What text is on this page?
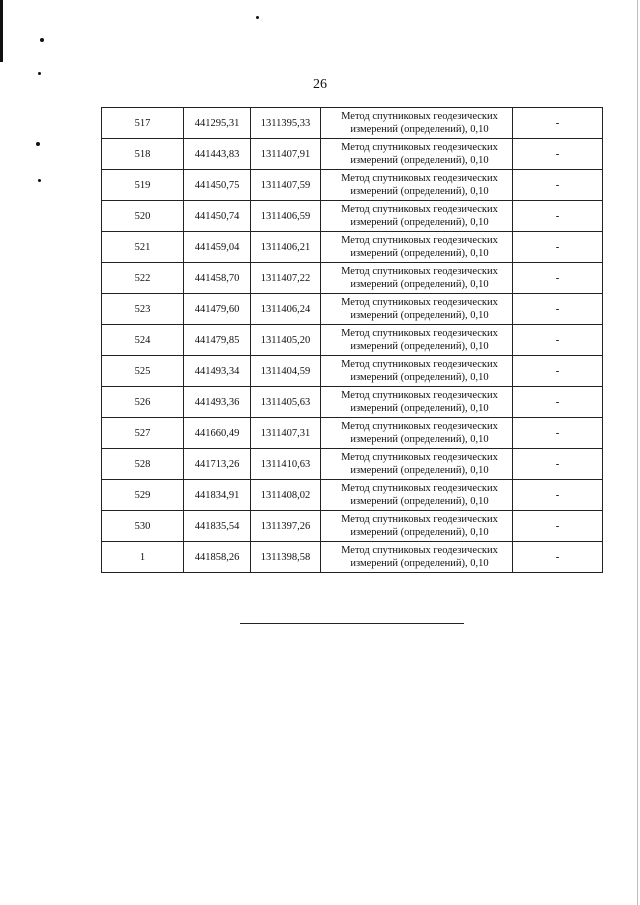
26
517	441295,31	1311395,33	Метод спутниковых геодезических
измерений (определений), 0,10	-
518	441443,83	1311407,91	Метод спутниковых геодезических
измерений (определений), 0,10	-
519	441450,75	1311407,59	Метод спутниковых геодезических
измерений (определений), 0,10	-
520	441450,74	1311406,59	Метод спутниковых геодезических
измерений (определений), 0,10	-
521	441459,04	1311406,21	Метод спутниковых геодезических
измерений (определений), 0,10	-
522	441458,70	1311407,22	Метод спутниковых геодезических
измерений (определений), 0,10	-
523	441479,60	1311406,24	Метод спутниковых геодезических
измерений (определений), 0,10	-
524	441479,85	1311405,20	Метод спутниковых геодезических
измерений (определений), 0,10	-
525	441493,34	1311404,59	Метод спутниковых геодезических
измерений (определений), 0,10	-
526	441493,36	1311405,63	Метод спутниковых геодезических
измерений (определений), 0,10	-
527	441660,49	1311407,31	Метод спутниковых геодезических
измерений (определений), 0,10	-
528	441713,26	1311410,63	Метод спутниковых геодезических
измерений (определений), 0,10	-
529	441834,91	1311408,02	Метод спутниковых геодезических
измерений (определений), 0,10	-
530	441835,54	1311397,26	Метод спутниковых геодезических
измерений (определений), 0,10	-
1	441858,26	1311398,58	Метод спутниковых геодезических
измерений (определений), 0,10	-
